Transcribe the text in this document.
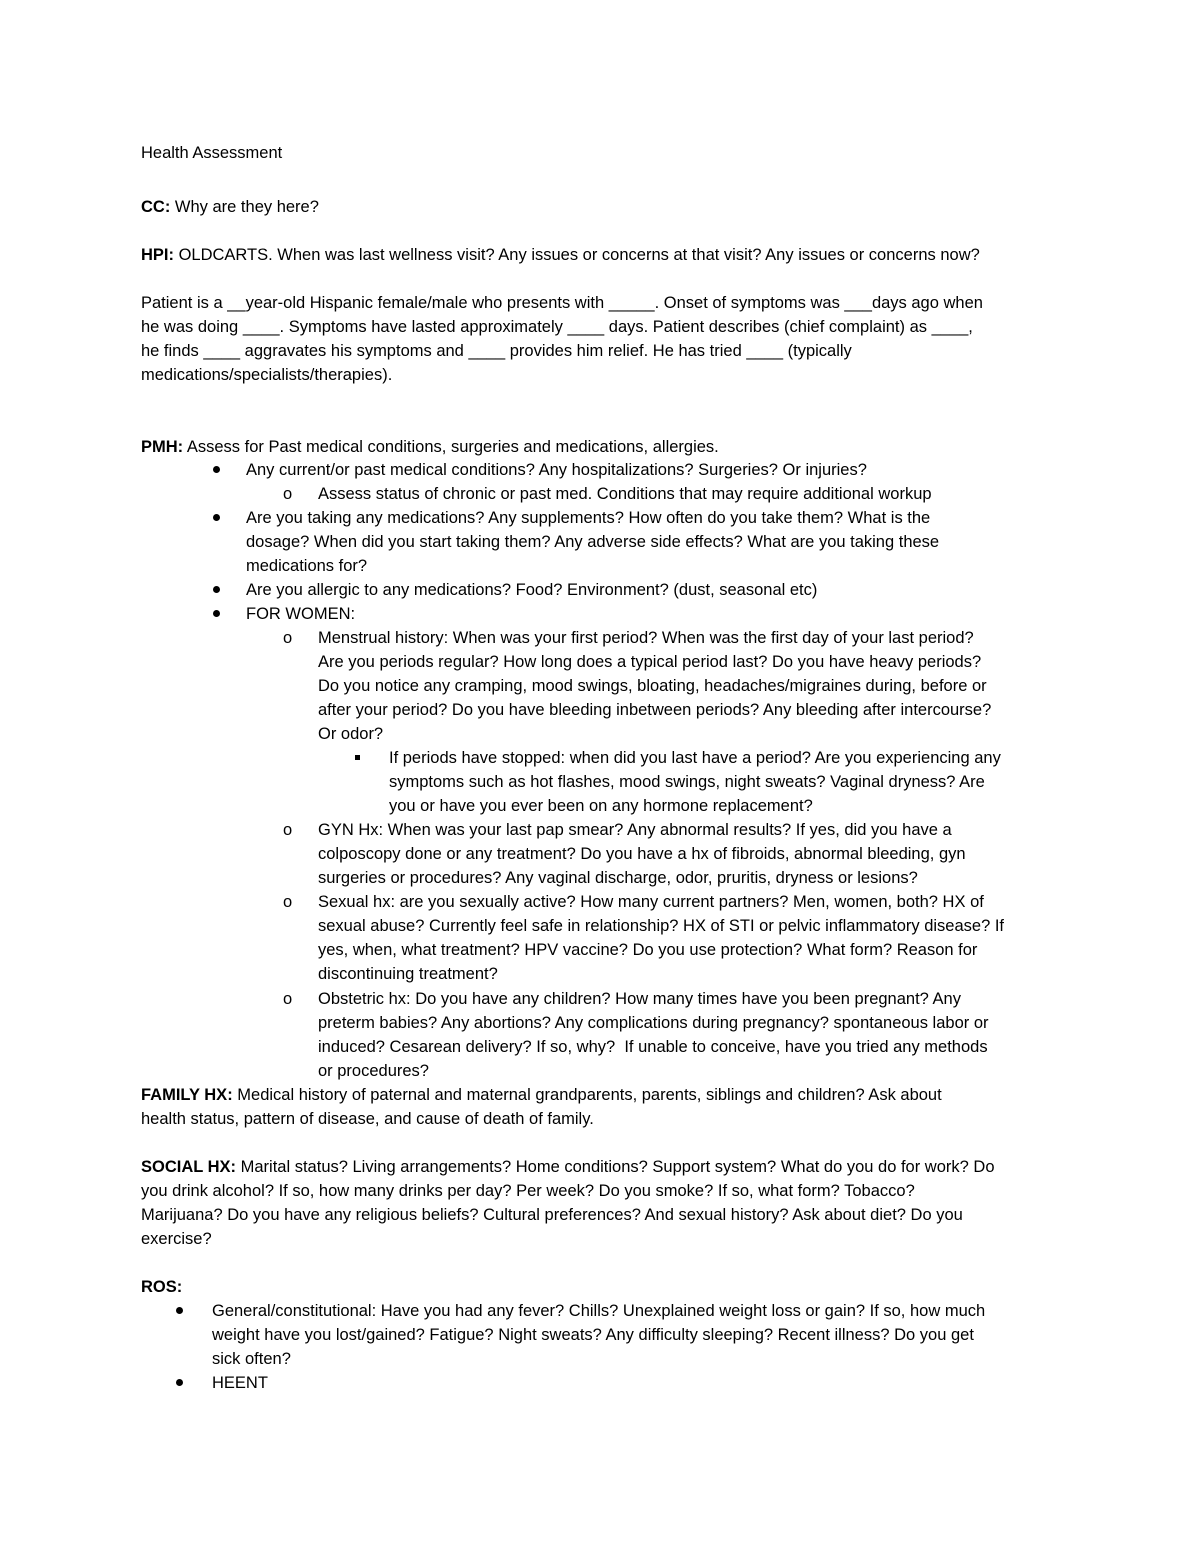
Health Assessment
CC: Why are they here?
HPI: OLDCARTS. When was last wellness visit? Any issues or concerns at that visit? Any issues or concerns now?
Patient is a __year-old Hispanic female/male who presents with _____. Onset of symptoms was ___days ago when
he was doing ____. Symptoms have lasted approximately ____ days. Patient describes (chief complaint) as ____,
he finds ____ aggravates his symptoms and ____ provides him relief. He has tried ____ (typically
medications/specialists/therapies).
PMH: Assess for Past medical conditions, surgeries and medications, allergies.
Any current/or past medical conditions? Any hospitalizations? Surgeries? Or injuries?
o Assess status of chronic or past med. Conditions that may require additional workup
Are you taking any medications? Any supplements? How often do you take them? What is the
dosage? When did you start taking them? Any adverse side effects? What are you taking these
medications for?
Are you allergic to any medications? Food? Environment? (dust, seasonal etc)
FOR WOMEN:
o Menstrual history: When was your first period? When was the first day of your last period?
Are you periods regular? How long does a typical period last? Do you have heavy periods?
Do you notice any cramping, mood swings, bloating, headaches/migraines during, before or
after your period? Do you have bleeding inbetween periods? Any bleeding after intercourse?
Or odor?
If periods have stopped: when did you last have a period? Are you experiencing any
symptoms such as hot flashes, mood swings, night sweats? Vaginal dryness? Are
you or have you ever been on any hormone replacement?
o GYN Hx: When was your last pap smear? Any abnormal results? If yes, did you have a
colposcopy done or any treatment? Do you have a hx of fibroids, abnormal bleeding, gyn
surgeries or procedures? Any vaginal discharge, odor, pruritis, dryness or lesions?
o Sexual hx: are you sexually active? How many current partners? Men, women, both? HX of
sexual abuse? Currently feel safe in relationship? HX of STI or pelvic inflammatory disease? If
yes, when, what treatment? HPV vaccine? Do you use protection? What form? Reason for
discontinuing treatment?
o Obstetric hx: Do you have any children? How many times have you been pregnant? Any
preterm babies? Any abortions? Any complications during pregnancy? spontaneous labor or
induced? Cesarean delivery? If so, why?  If unable to conceive, have you tried any methods
or procedures?
FAMILY HX: Medical history of paternal and maternal grandparents, parents, siblings and children? Ask about
health status, pattern of disease, and cause of death of family.
SOCIAL HX: Marital status? Living arrangements? Home conditions? Support system? What do you do for work? Do
you drink alcohol? If so, how many drinks per day? Per week? Do you smoke? If so, what form? Tobacco?
Marijuana? Do you have any religious beliefs? Cultural preferences? And sexual history? Ask about diet? Do you
exercise?
ROS:
General/constitutional: Have you had any fever? Chills? Unexplained weight loss or gain? If so, how much
weight have you lost/gained? Fatigue? Night sweats? Any difficulty sleeping? Recent illness? Do you get
sick often?
HEENT
